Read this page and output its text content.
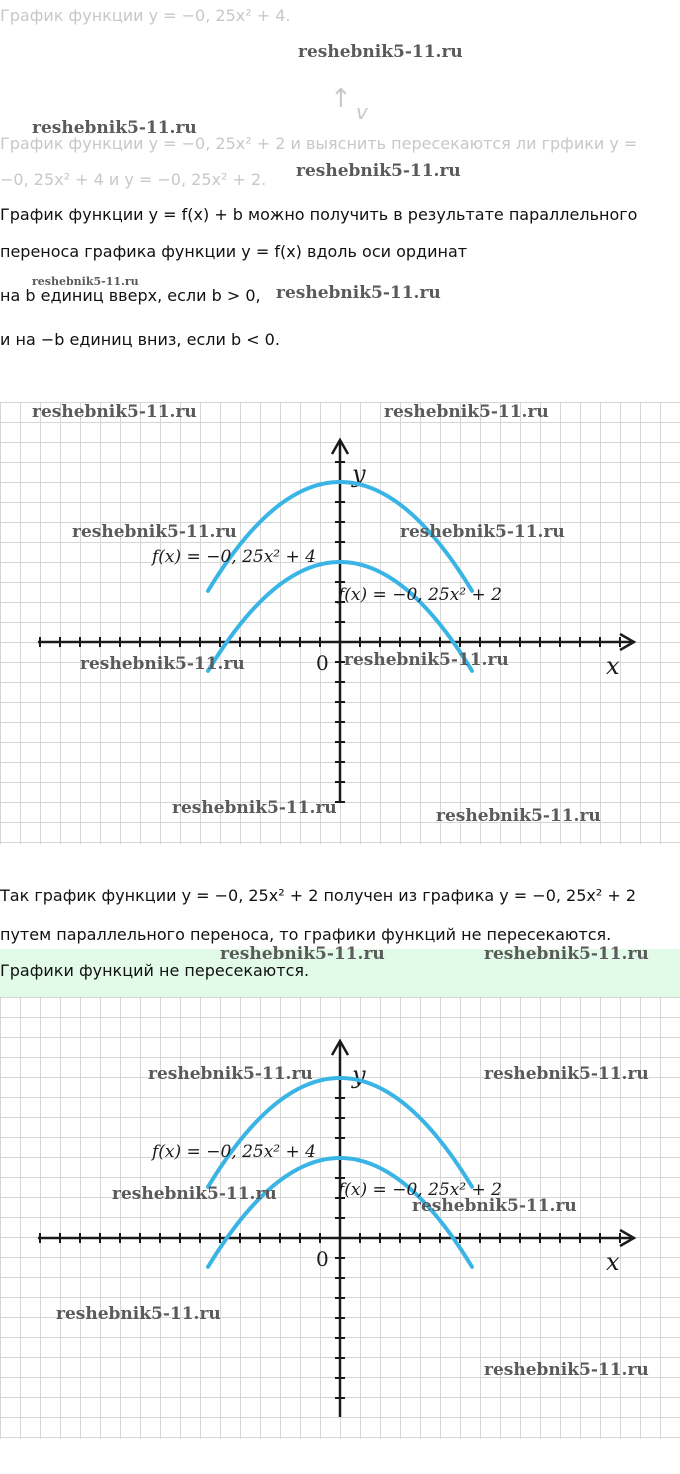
График функции y = −0, 25x² + 4.
↑ v
График функции y = −0, 25x² + 2 и выяснить пересекаются ли грфики y =
−0, 25x² + 4 и y = −0, 25x² + 2.
reshebnik5-11.ru
reshebnik5-11.ru
reshebnik5-11.ru
График функции y = f(x) + b можно получить в результате параллельного
переноса графика функции y = f(x) вдоль оси ординат
на b единиц вверх, если b > 0,
reshebnik5-11.ru
reshebnik5-11.ru
и на −b единиц вниз, если b < 0.
x
y
0
f(x) = −0, 25x² + 4
f(x) = −0, 25x² + 2
reshebnik5-11.ru	reshebnik5-11.ru
reshebnik5-11.ru	reshebnik5-11.ru
reshebnik5-11.ru	reshebnik5-11.ru
reshebnik5-11.ru	reshebnik5-11.ru
Так график функции y = −0, 25x² + 2 получен из графика y = −0, 25x² + 2
путем параллельного переноса, то графики функций не пересекаются.
Графики функций не пересекаются.
reshebnik5-11.ru	reshebnik5-11.ru
x
y
0
f(x) = −0, 25x² + 4
f(x) = −0, 25x² + 2
reshebnik5-11.ru	reshebnik5-11.ru
reshebnik5-11.ru
reshebnik5-11.ru
reshebnik5-11.ru
reshebnik5-11.ru
